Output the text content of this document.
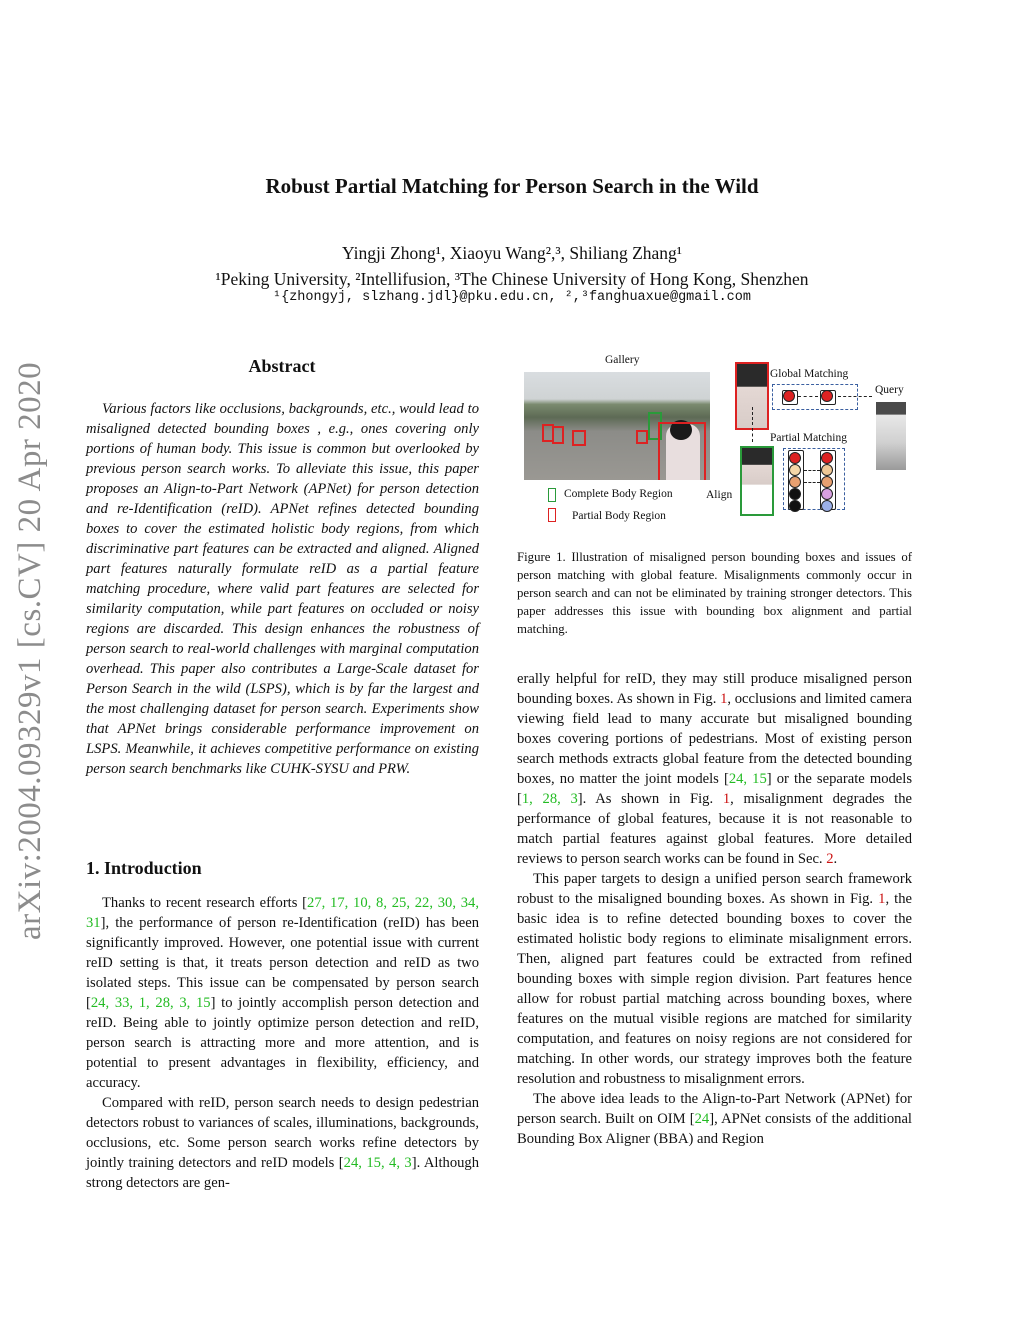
arXiv:2004.09329v1 [cs.CV] 20 Apr 2020
Robust Partial Matching for Person Search in the Wild
Yingji Zhong¹, Xiaoyu Wang²,³, Shiliang Zhang¹
¹Peking University, ²Intellifusion, ³The Chinese University of Hong Kong, Shenzhen
¹{zhongyj, slzhang.jdl}@pku.edu.cn, ²,³fanghuaxue@gmail.com
Abstract

Various factors like occlusions, backgrounds, etc., would lead to misaligned detected bounding boxes , e.g., ones covering only portions of human body. This issue is common but overlooked by previous person search works. To alleviate this issue, this paper proposes an Align-to-Part Network (APNet) for person detection and re-Identification (reID). APNet refines detected bounding boxes to cover the estimated holistic body regions, from which discriminative part features can be extracted and aligned. Aligned part features naturally formulate reID as a partial feature matching procedure, where valid part features are selected for similarity computation, while part features on occluded or noisy regions are discarded. This design enhances the robustness of person search to real-world challenges with marginal computation overhead. This paper also contributes a Large-Scale dataset for Person Search in the wild (LSPS), which is by far the largest and the most challenging dataset for person search. Experiments show that APNet brings considerable performance improvement on LSPS. Meanwhile, it achieves competitive performance on existing person search benchmarks like CUHK-SYSU and PRW.

1. Introduction

Thanks to recent research efforts [27, 17, 10, 8, 25, 22, 30, 34, 31], the performance of person re-Identification (reID) has been significantly improved. However, one potential issue with current reID setting is that, it treats person detection and reID as two isolated steps. This issue can be compensated by person search [24, 33, 1, 28, 3, 15] to jointly accomplish person detection and reID. Being able to jointly optimize person detection and reID, person search is attracting more and more attention, and is potential to present advantages in flexibility, efficiency, and accuracy.

Compared with reID, person search needs to design pedestrian detectors robust to variances of scales, illuminations, backgrounds, occlusions, etc. Some person search works refine detectors by jointly training detectors and reID models [24, 15, 4, 3]. Although strong detectors are gen-

Gallery
Global Matching
Query
Partial Matching
Align
Complete Body Region
Partial Body Region
Figure 1. Illustration of misaligned person bounding boxes and issues of person matching with global feature. Misalignments commonly occur in person search and can not be eliminated by training stronger detectors. This paper addresses this issue with bounding box alignment and partial matching.

erally helpful for reID, they may still produce misaligned person bounding boxes. As shown in Fig. 1, occlusions and limited camera viewing field lead to many accurate but misaligned bounding boxes covering portions of pedestrians. Most of existing person search methods extracts global feature from the detected bounding boxes, no matter the joint models [24, 15] or the separate models [1, 28, 3]. As shown in Fig. 1, misalignment degrades the performance of global features, because it is not reasonable to match partial features against global features. More detailed reviews to person search works can be found in Sec. 2.

This paper targets to design a unified person search framework robust to the misaligned bounding boxes. As shown in Fig. 1, the basic idea is to refine detected bounding boxes to cover the estimated holistic body regions to eliminate misalignment errors. Then, aligned part features could be extracted from refined bounding boxes with simple region division. Part features hence allow for robust partial matching across bounding boxes, where features on the mutual visible regions are matched for similarity computation, and features on noisy regions are not considered for matching. In other words, our strategy improves both the feature resolution and robustness to misalignment errors.

The above idea leads to the Align-to-Part Network (APNet) for person search. Built on OIM [24], APNet consists of the additional Bounding Box Aligner (BBA) and Region
